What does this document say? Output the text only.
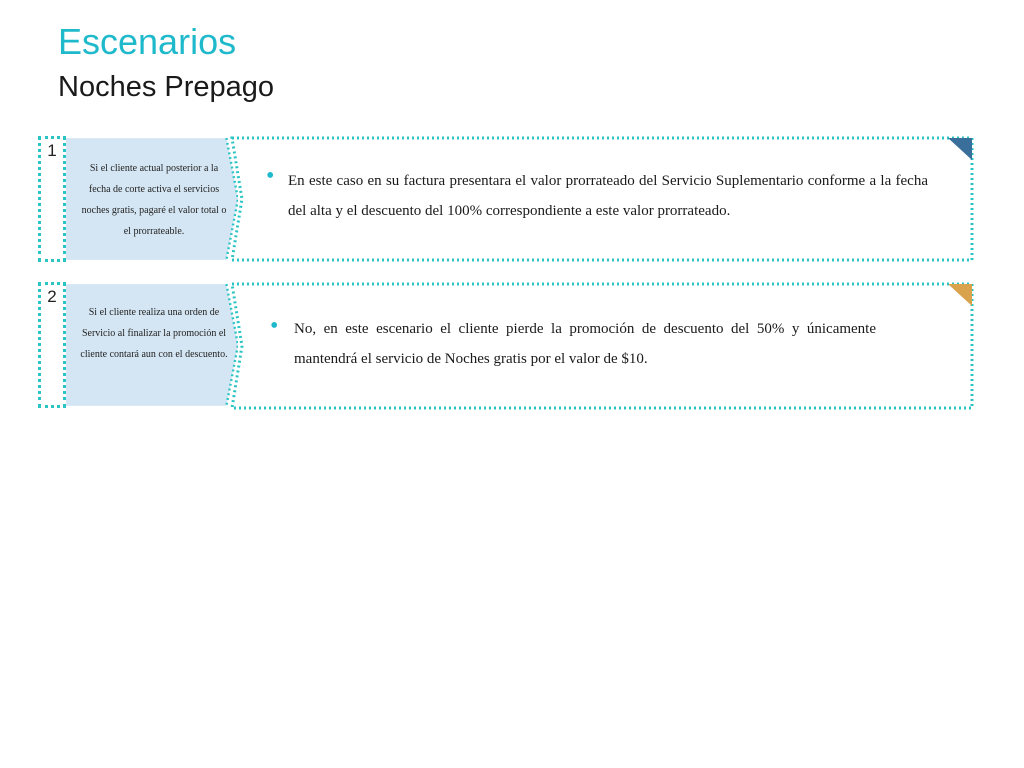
Escenarios
Noches Prepago
1
Si el cliente actual posterior a la fecha de corte activa el servicios noches gratis, pagaré el valor total o el prorrateable.
• En este caso en su factura presentara el valor prorrateado del Servicio Suplementario conforme a la fecha del alta y el descuento del 100% correspondiente a este valor prorrateado.
2
Si el cliente realiza una orden de Servicio al finalizar la promoción el cliente contará aun con el descuento.
• No, en este escenario el cliente pierde la promoción de descuento del 50% y únicamente mantendrá el servicio de Noches gratis por el valor de $10.
